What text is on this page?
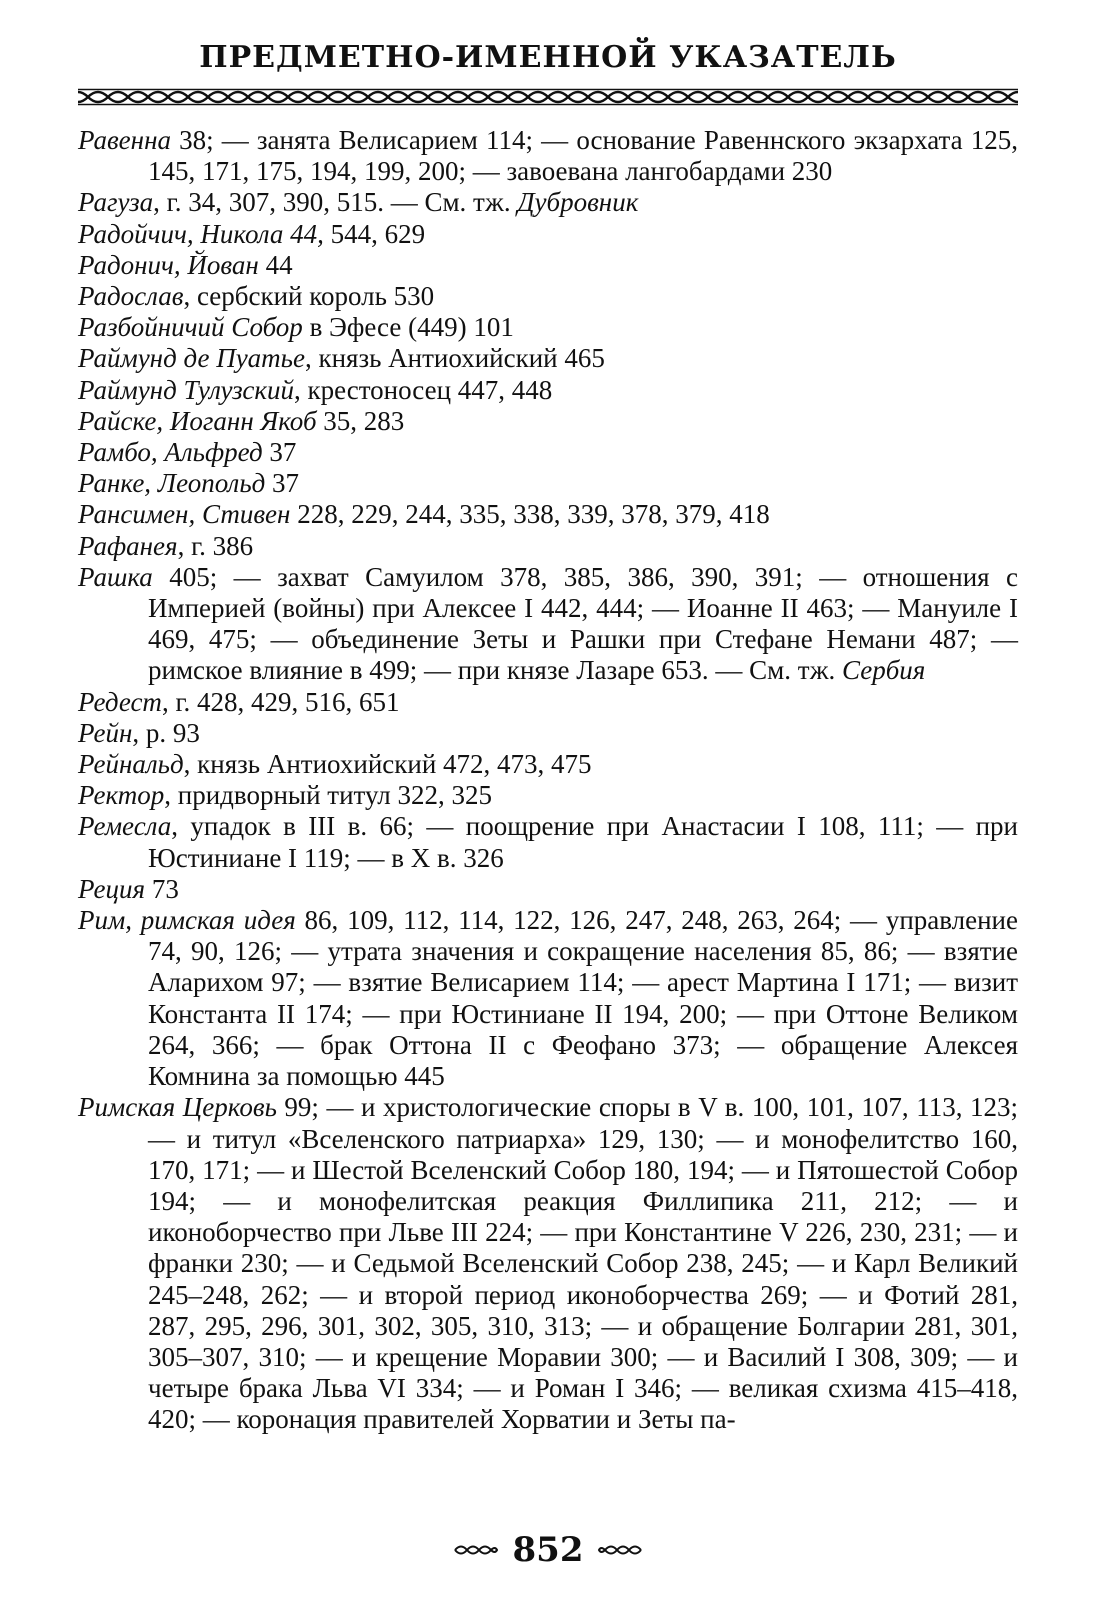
ПРЕДМЕТНО-ИМЕННОЙ УКАЗАТЕЛЬ
Равенна 38; — занята Велисарием 114; — основание Равеннского экзархата 125, 145, 171, 175, 194, 199, 200; — завоевана лангобардами 230
Рагуза, г. 34, 307, 390, 515. — См. тж. Дубровник
Радойчич, Никола 44, 544, 629
Радонич, Йован 44
Радослав, сербский король 530
Разбойничий Собор в Эфесе (449) 101
Раймунд де Пуатье, князь Антиохийский 465
Раймунд Тулузский, крестоносец 447, 448
Райске, Иоганн Якоб 35, 283
Рамбо, Альфред 37
Ранке, Леопольд 37
Рансимен, Стивен 228, 229, 244, 335, 338, 339, 378, 379, 418
Рафанея, г. 386
Рашка 405; — захват Самуилом 378, 385, 386, 390, 391; — отношения с Империей (войны) при Алексее I 442, 444; — Иоанне II 463; — Мануиле I 469, 475; — объединение Зеты и Рашки при Стефане Немани 487; — римское влияние в 499; — при князе Лазаре 653. — См. тж. Сербия
Редест, г. 428, 429, 516, 651
Рейн, р. 93
Рейнальд, князь Антиохийский 472, 473, 475
Ректор, придворный титул 322, 325
Ремесла, упадок в III в. 66; — поощрение при Анастасии I 108, 111; — при Юстиниане I 119; — в X в. 326
Реция 73
Рим, римская идея 86, 109, 112, 114, 122, 126, 247, 248, 263, 264; — управление 74, 90, 126; — утрата значения и сокращение населения 85, 86; — взятие Аларихом 97; — взятие Велисарием 114; — арест Мартина I 171; — визит Константа II 174; — при Юстиниане II 194, 200; — при Оттоне Великом 264, 366; — брак Оттона II с Феофано 373; — обращение Алексея Комнина за помощью 445
Римская Церковь 99; — и христологические споры в V в. 100, 101, 107, 113, 123; — и титул «Вселенского патриарха» 129, 130; — и монофелитство 160, 170, 171; — и Шестой Вселенский Собор 180, 194; — и Пятошестой Собор 194; — и монофелитская реакция Филлипика 211, 212; — и иконоборчество при Льве III 224; — при Константине V 226, 230, 231; — и франки 230; — и Седьмой Вселенский Собор 238, 245; — и Карл Великий 245–248, 262; — и второй период иконоборчества 269; — и Фотий 281, 287, 295, 296, 301, 302, 305, 310, 313; — и обращение Болгарии 281, 301, 305–307, 310; — и крещение Моравии 300; — и Василий I 308, 309; — и четыре брака Льва VI 334; — и Роман I 346; — великая схизма 415–418, 420; — коронация правителей Хорватии и Зеты па-
852
